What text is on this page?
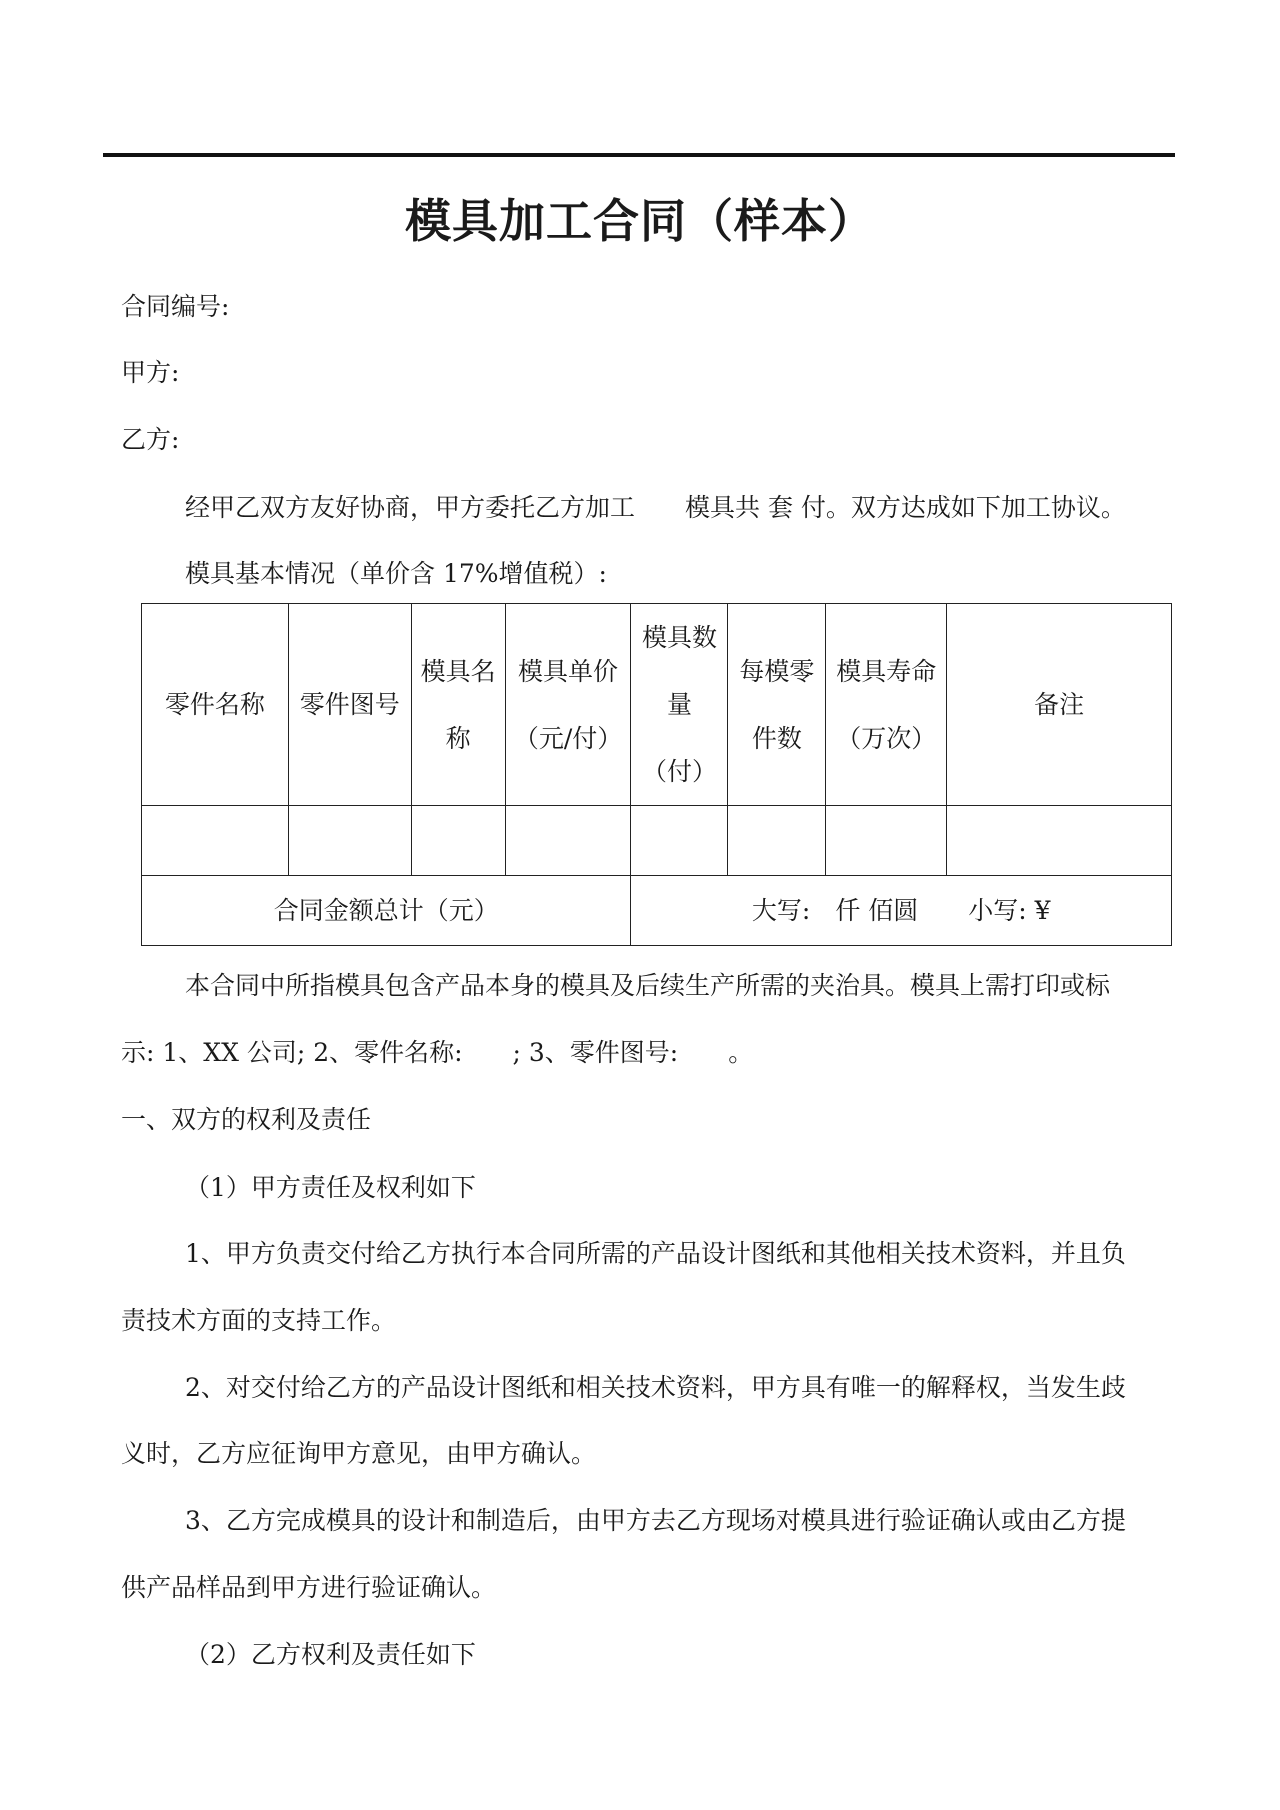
模具加工合同（样本）
合同编号:
甲方:
乙方:
经甲乙双方友好协商，甲方委托乙方加工　　模具共 套 付。双方达成如下加工协议。
模具基本情况（单价含 17%增值税）:
零件名称	零件图号	模具名称	模具单价（元/付）	模具数量（付）	每模零件数	模具寿命（万次）	备注

合同金额总计（元）				大写:　仟 佰圆　　小写: ¥			
本合同中所指模具包含产品本身的模具及后续生产所需的夹治具。模具上需打印或标
示: 1、XX 公司; 2、零件名称:　　; 3、零件图号:　　。
一、双方的权利及责任
（1）甲方责任及权利如下
1、甲方负责交付给乙方执行本合同所需的产品设计图纸和其他相关技术资料，并且负
责技术方面的支持工作。
2、对交付给乙方的产品设计图纸和相关技术资料，甲方具有唯一的解释权，当发生歧
义时，乙方应征询甲方意见，由甲方确认。
3、乙方完成模具的设计和制造后，由甲方去乙方现场对模具进行验证确认或由乙方提
供产品样品到甲方进行验证确认。
（2）乙方权利及责任如下
